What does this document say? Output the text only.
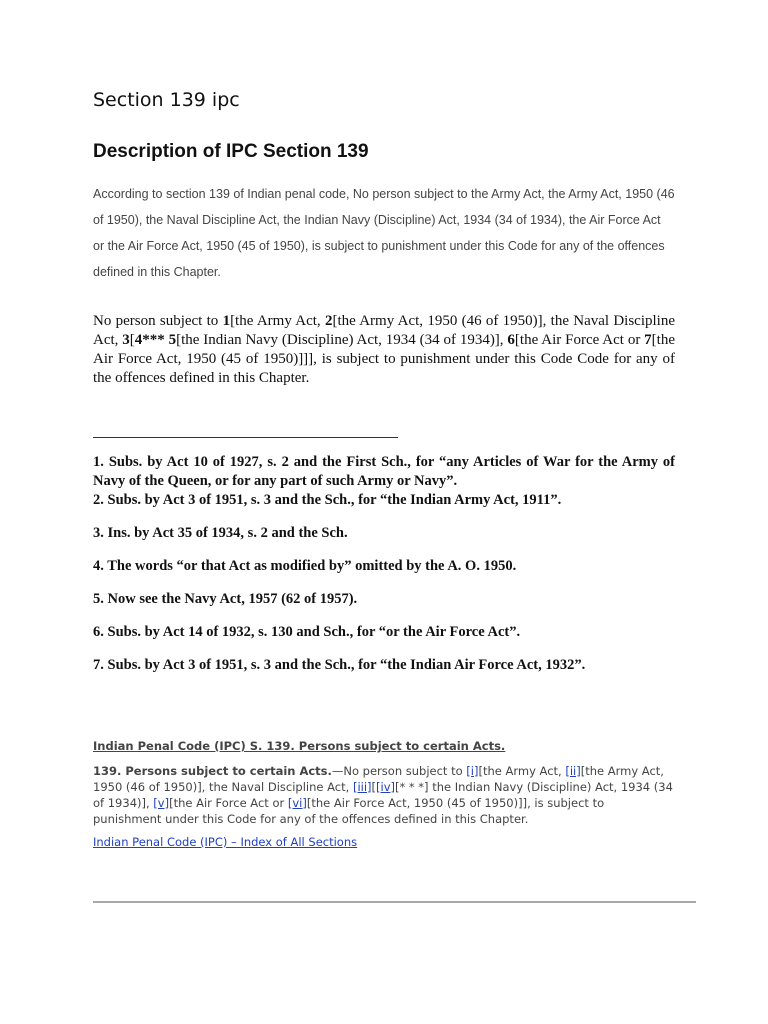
Section 139 ipc
Description of IPC Section 139

According to section 139 of Indian penal code, No person subject to the Army Act, the Army Act, 1950 (46 of 1950), the Naval Discipline Act, the Indian Navy (Discipline) Act, 1934 (34 of 1934), the Air Force Act or the Air Force Act, 1950 (45 of 1950), is subject to punishment under this Code for any of the offences defined in this Chapter.

No person subject to 1[the Army Act, 2[the Army Act, 1950 (46 of 1950)], the Naval Discipline Act, 3[4*** 5[the Indian Navy (Discipline) Act, 1934 (34 of 1934)], 6[the Air Force Act or 7[the Air Force Act, 1950 (45 of 1950)]]], is subject to punishment under this Code Code for any of the offences defined in this Chapter.

1. Subs. by Act 10 of 1927, s. 2 and the First Sch., for “any Articles of War for the Army of Navy of the Queen, or for any part of such Army or Navy”.

2. Subs. by Act 3 of 1951, s. 3 and the Sch., for “the Indian Army Act, 1911”.

3. Ins. by Act 35 of 1934, s. 2 and the Sch.

4. The words “or that Act as modified by” omitted by the A. O. 1950.

5. Now see the Navy Act, 1957 (62 of 1957).

6. Subs. by Act 14 of 1932, s. 130 and Sch., for “or the Air Force Act”.

7. Subs. by Act 3 of 1951, s. 3 and the Sch., for “the Indian Air Force Act, 1932”.

Indian Penal Code (IPC) S. 139. Persons subject to certain Acts.

139. Persons subject to certain Acts.—No person subject to [i][the Army Act, [ii][the Army Act, 1950 (46 of 1950)], the Naval Discipline Act, [iii][[iv][* * *] the Indian Navy (Discipline) Act, 1934 (34 of 1934)], [v][the Air Force Act or [vi][the Air Force Act, 1950 (45 of 1950)]], is subject to punishment under this Code for any of the offences defined in this Chapter.

Indian Penal Code (IPC) – Index of All Sections
